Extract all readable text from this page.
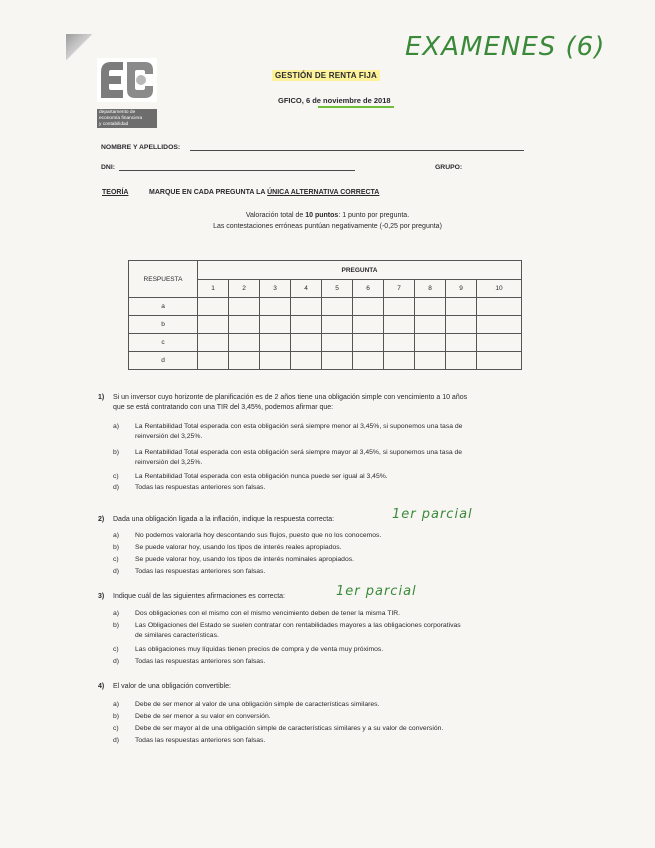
EXAMENES (6)
departamento de
economía financiera
y contabilidad
GESTIÓN DE RENTA FIJA
GFICO, 6 de noviembre de 2018
NOMBRE Y APELLIDOS:
DNI:	GRUPO:
TEORÍA	MARQUE EN CADA PREGUNTA LA ÚNICA ALTERNATIVA CORRECTA
Valoración total de 10 puntos: 1 punto por pregunta.
Las contestaciones erróneas puntúan negativamente (-0,25 por pregunta)
RESPUESTA	PREGUNTA									
	1	2	3	4	5	6	7	8	9	10
a										
b										
c										
d										
1) Si un inversor cuyo horizonte de planificación es de 2 años tiene una obligación simple con vencimiento a 10 años
que se está contratando con una TIR del 3,45%, podemos afirmar que:
a) La Rentabilidad Total esperada con esta obligación será siempre menor al 3,45%, si suponemos una tasa de
reinversión del 3,25%.
b) La Rentabilidad Total esperada con esta obligación será siempre mayor al 3,45%, si suponemos una tasa de
reinversión del 3,25%.
c) La Rentabilidad Total esperada con esta obligación nunca puede ser igual al 3,45%.
d) Todas las respuestas anteriores son falsas.
2) Dada una obligación ligada a la inflación, indique la respuesta correcta:	1er parcial
a) No podemos valorarla hoy descontando sus flujos, puesto que no los conocemos.
b) Se puede valorar hoy, usando los tipos de interés reales apropiados.
c) Se puede valorar hoy, usando los tipos de interés nominales apropiados.
d) Todas las respuestas anteriores son falsas.
3) Indique cuál de las siguientes afirmaciones es correcta:	1er parcial
a) Dos obligaciones con el mismo con el mismo vencimiento deben de tener la misma TIR.
b) Las Obligaciones del Estado se suelen contratar con rentabilidades mayores a las obligaciones corporativas
de similares características.
c) Las obligaciones muy líquidas tienen precios de compra y de venta muy próximos.
d) Todas las respuestas anteriores son falsas.
4) El valor de una obligación convertible:
a) Debe de ser menor al valor de una obligación simple de características similares.
b) Debe de ser menor a su valor en conversión.
c) Debe de ser mayor al de una obligación simple de características similares y a su valor de conversión.
d) Todas las respuestas anteriores son falsas.
